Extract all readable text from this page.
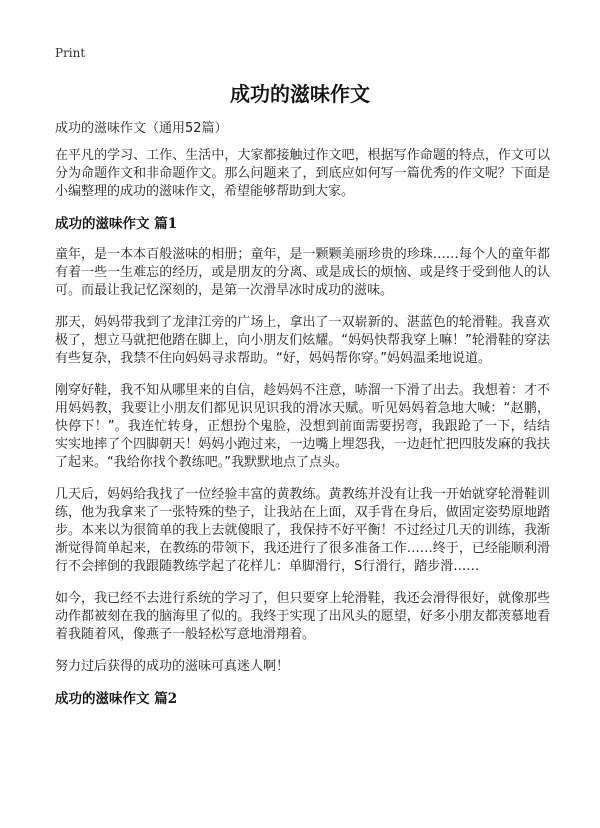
Print
成功的滋味作文

成功的滋味作文（通用52篇）

在平凡的学习、工作、生活中，大家都接触过作文吧，根据写作命题的特点，作文可以分为命题作文和非命题作文。那么问题来了，到底应如何写一篇优秀的作文呢？下面是小编整理的成功的滋味作文，希望能够帮助到大家。

成功的滋味作文 篇1

童年，是一本本百般滋味的相册；童年，是一颗颗美丽珍贵的珍珠……每个人的童年都有着一些一生难忘的经历，或是朋友的分离、或是成长的烦恼、或是终于受到他人的认可。而最让我记忆深刻的，是第一次滑旱冰时成功的滋味。

那天，妈妈带我到了龙津江旁的广场上，拿出了一双崭新的、湛蓝色的轮滑鞋。我喜欢极了，想立马就把他踏在脚上，向小朋友们炫耀。“妈妈快帮我穿上嘛！”轮滑鞋的穿法有些复杂，我禁不住向妈妈寻求帮助。“好，妈妈帮你穿。”妈妈温柔地说道。

刚穿好鞋，我不知从哪里来的自信，趁妈妈不注意，哧溜一下滑了出去。我想着：才不用妈妈教，我要让小朋友们都见识见识我的滑冰天赋。听见妈妈着急地大喊：“赵鹏，快停下！”。我连忙转身，正想扮个鬼脸，没想到前面需要拐弯，我跟跄了一下，结结实实地摔了个四脚朝天！妈妈小跑过来，一边嘴上埋怨我，一边赶忙把四肢发麻的我扶了起来。“我给你找个教练吧。”我默默地点了点头。

几天后，妈妈给我找了一位经验丰富的黄教练。黄教练并没有让我一开始就穿轮滑鞋训练，他为我拿来了一张特殊的垫子，让我站在上面，双手背在身后，做固定姿势原地踏步。本来以为很简单的我上去就傻眼了，我保持不好平衡！不过经过几天的训练，我渐渐觉得简单起来，在教练的带领下，我还进行了很多准备工作……终于，已经能顺利滑行不会摔倒的我跟随教练学起了花样儿：单脚滑行，S行滑行，踏步滑……

如今，我已经不去进行系统的学习了，但只要穿上轮滑鞋，我还会滑得很好，就像那些动作都被刻在我的脑海里了似的。我终于实现了出风头的愿望，好多小朋友都羡慕地看着我随着风，像燕子一般轻松写意地滑翔着。

努力过后获得的成功的滋味可真迷人啊！

成功的滋味作文 篇2
